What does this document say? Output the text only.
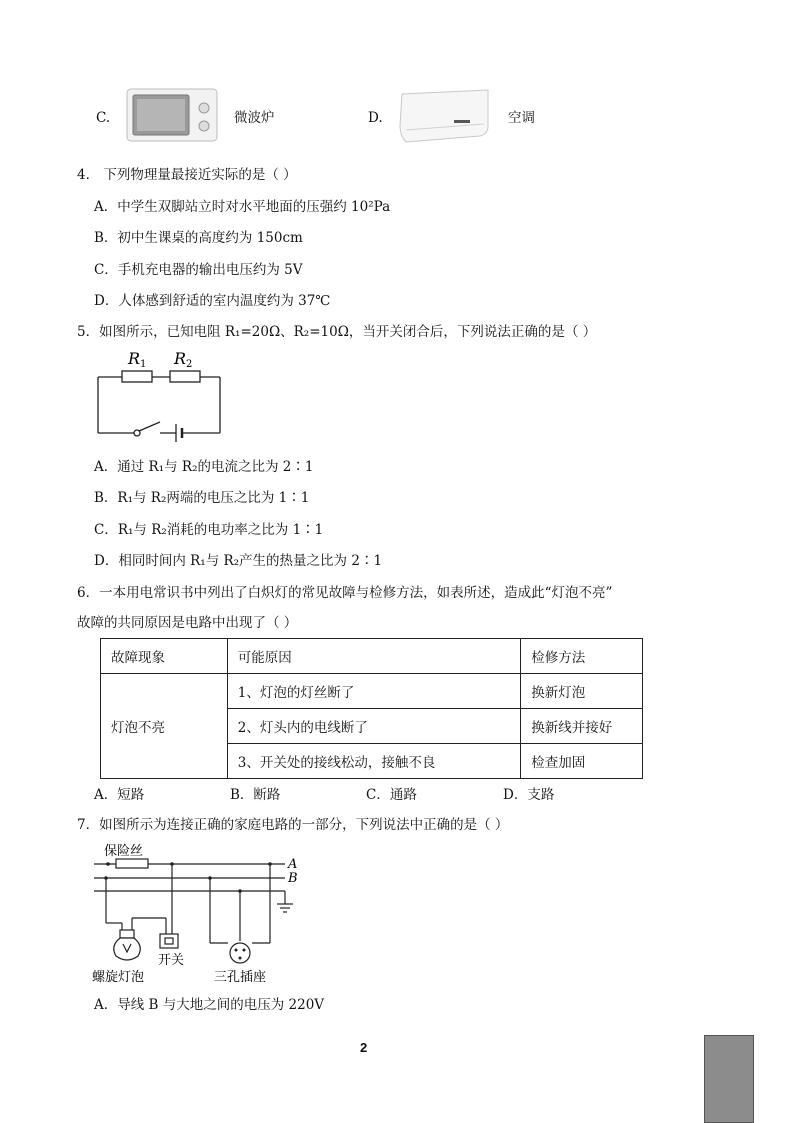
C.	微波炉	D.	空调
4． 下列物理量最接近实际的是（ ）
A．中学生双脚站立时对水平地面的压强约 10²Pa
B．初中生课桌的高度约为 150cm
C．手机充电器的输出电压约为 5V
D．人体感到舒适的室内温度约为 37℃
5．如图所示，已知电阻 R₁=20Ω、R₂=10Ω，当开关闭合后，下列说法正确的是（ ）
R 1 R 2
A．通过 R₁与 R₂的电流之比为 2∶1
B．R₁与 R₂两端的电压之比为 1∶1
C．R₁与 R₂消耗的电功率之比为 1∶1
D．相同时间内 R₁与 R₂产生的热量之比为 2∶1
6．一本用电常识书中列出了白炽灯的常见故障与检修方法，如表所述，造成此“灯泡不亮”
故障的共同原因是电路中出现了（ ）
故障现象	可能原因	检修方法
灯泡不亮	1、灯泡的灯丝断了	换新灯泡
	2、灯头内的电线断了	换新线并接好
	3、开关处的接线松动，接触不良	检查加固
A．短路	B．断路	C．通路	D．支路
7．如图所示为连接正确的家庭电路的一部分，下列说法中正确的是（ ）
保险丝
A
B
开关
螺旋灯泡	三孔插座
A．导线 B 与大地之间的电压为 220V
2
